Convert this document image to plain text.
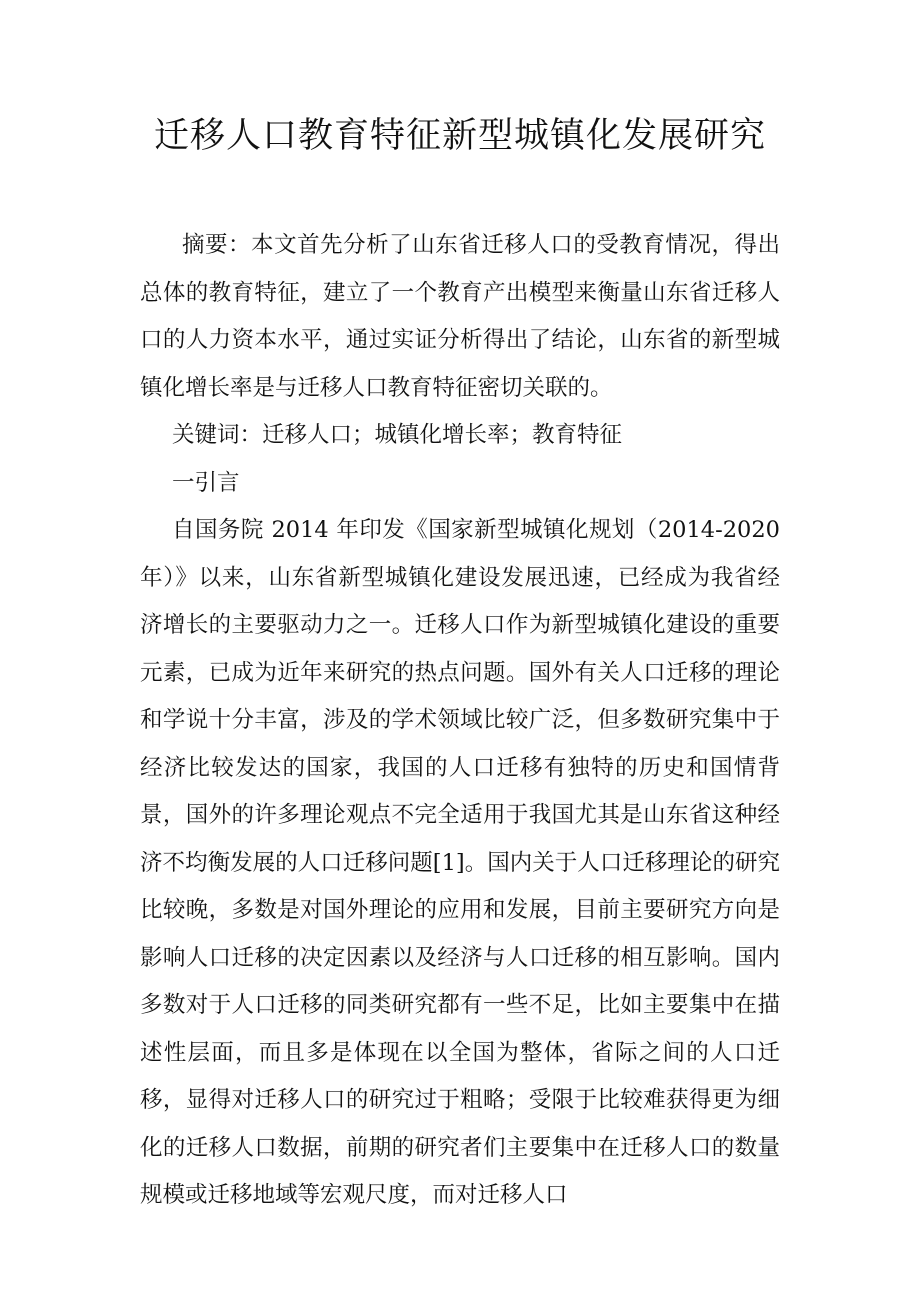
迁移人口教育特征新型城镇化发展研究

摘要：本文首先分析了山东省迁移人口的受教育情况，得出总体的教育特征，建立了一个教育产出模型来衡量山东省迁移人口的人力资本水平，通过实证分析得出了结论，山东省的新型城镇化增长率是与迁移人口教育特征密切关联的。

关键词：迁移人口；城镇化增长率；教育特征

一引言

自国务院 2014 年印发《国家新型城镇化规划（2014-2020 年）》以来，山东省新型城镇化建设发展迅速，已经成为我省经济增长的主要驱动力之一。迁移人口作为新型城镇化建设的重要元素，已成为近年来研究的热点问题。国外有关人口迁移的理论和学说十分丰富，涉及的学术领域比较广泛，但多数研究集中于经济比较发达的国家，我国的人口迁移有独特的历史和国情背景，国外的许多理论观点不完全适用于我国尤其是山东省这种经济不均衡发展的人口迁移问题[1]。国内关于人口迁移理论的研究比较晚，多数是对国外理论的应用和发展，目前主要研究方向是影响人口迁移的决定因素以及经济与人口迁移的相互影响。国内多数对于人口迁移的同类研究都有一些不足，比如主要集中在描述性层面，而且多是体现在以全国为整体，省际之间的人口迁移，显得对迁移人口的研究过于粗略；受限于比较难获得更为细化的迁移人口数据，前期的研究者们主要集中在迁移人口的数量规模或迁移地域等宏观尺度，而对迁移人口
